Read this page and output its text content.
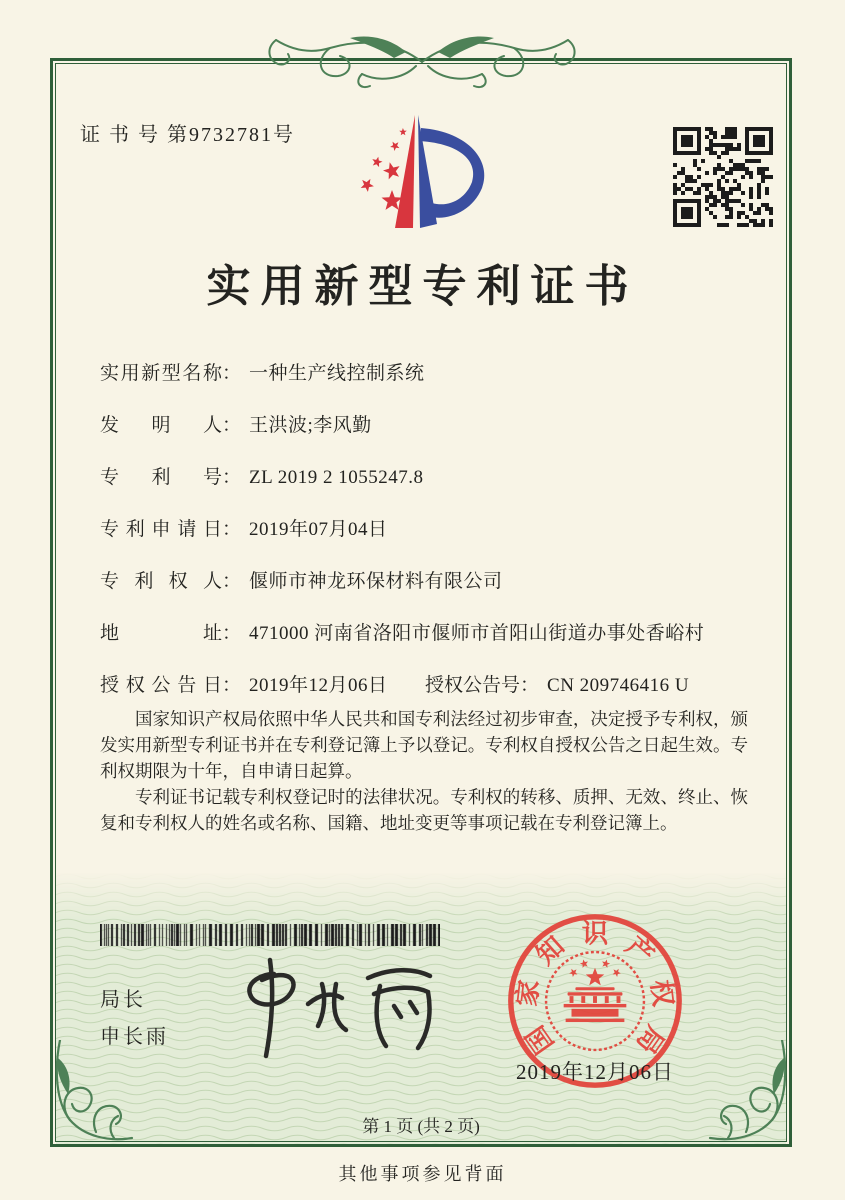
证 书 号 第9732781号
实用新型专利证书
实用新型名称： 一种生产线控制系统
发明人： 王洪波;李风勤
专利号： ZL 2019 2 1055247.8
专利申请日： 2019年07月04日
专利权人： 偃师市神龙环保材料有限公司
地址： 471000 河南省洛阳市偃师市首阳山街道办事处香峪村
授权公告日： 2019年12月06日 授权公告号： CN 209746416 U

国家知识产权局依照中华人民共和国专利法经过初步审查，决定授予专利权，颁发实用新型专利证书并在专利登记簿上予以登记。专利权自授权公告之日起生效。专利权期限为十年，自申请日起算。

专利证书记载专利权登记时的法律状况。专利权的转移、质押、无效、终止、恢复和专利权人的姓名或名称、国籍、地址变更等事项记载在专利登记簿上。

局长
申长雨	国
家
知 识 产
权
局
2019年12月06日
第 1 页 (共 2 页)
其他事项参见背面
